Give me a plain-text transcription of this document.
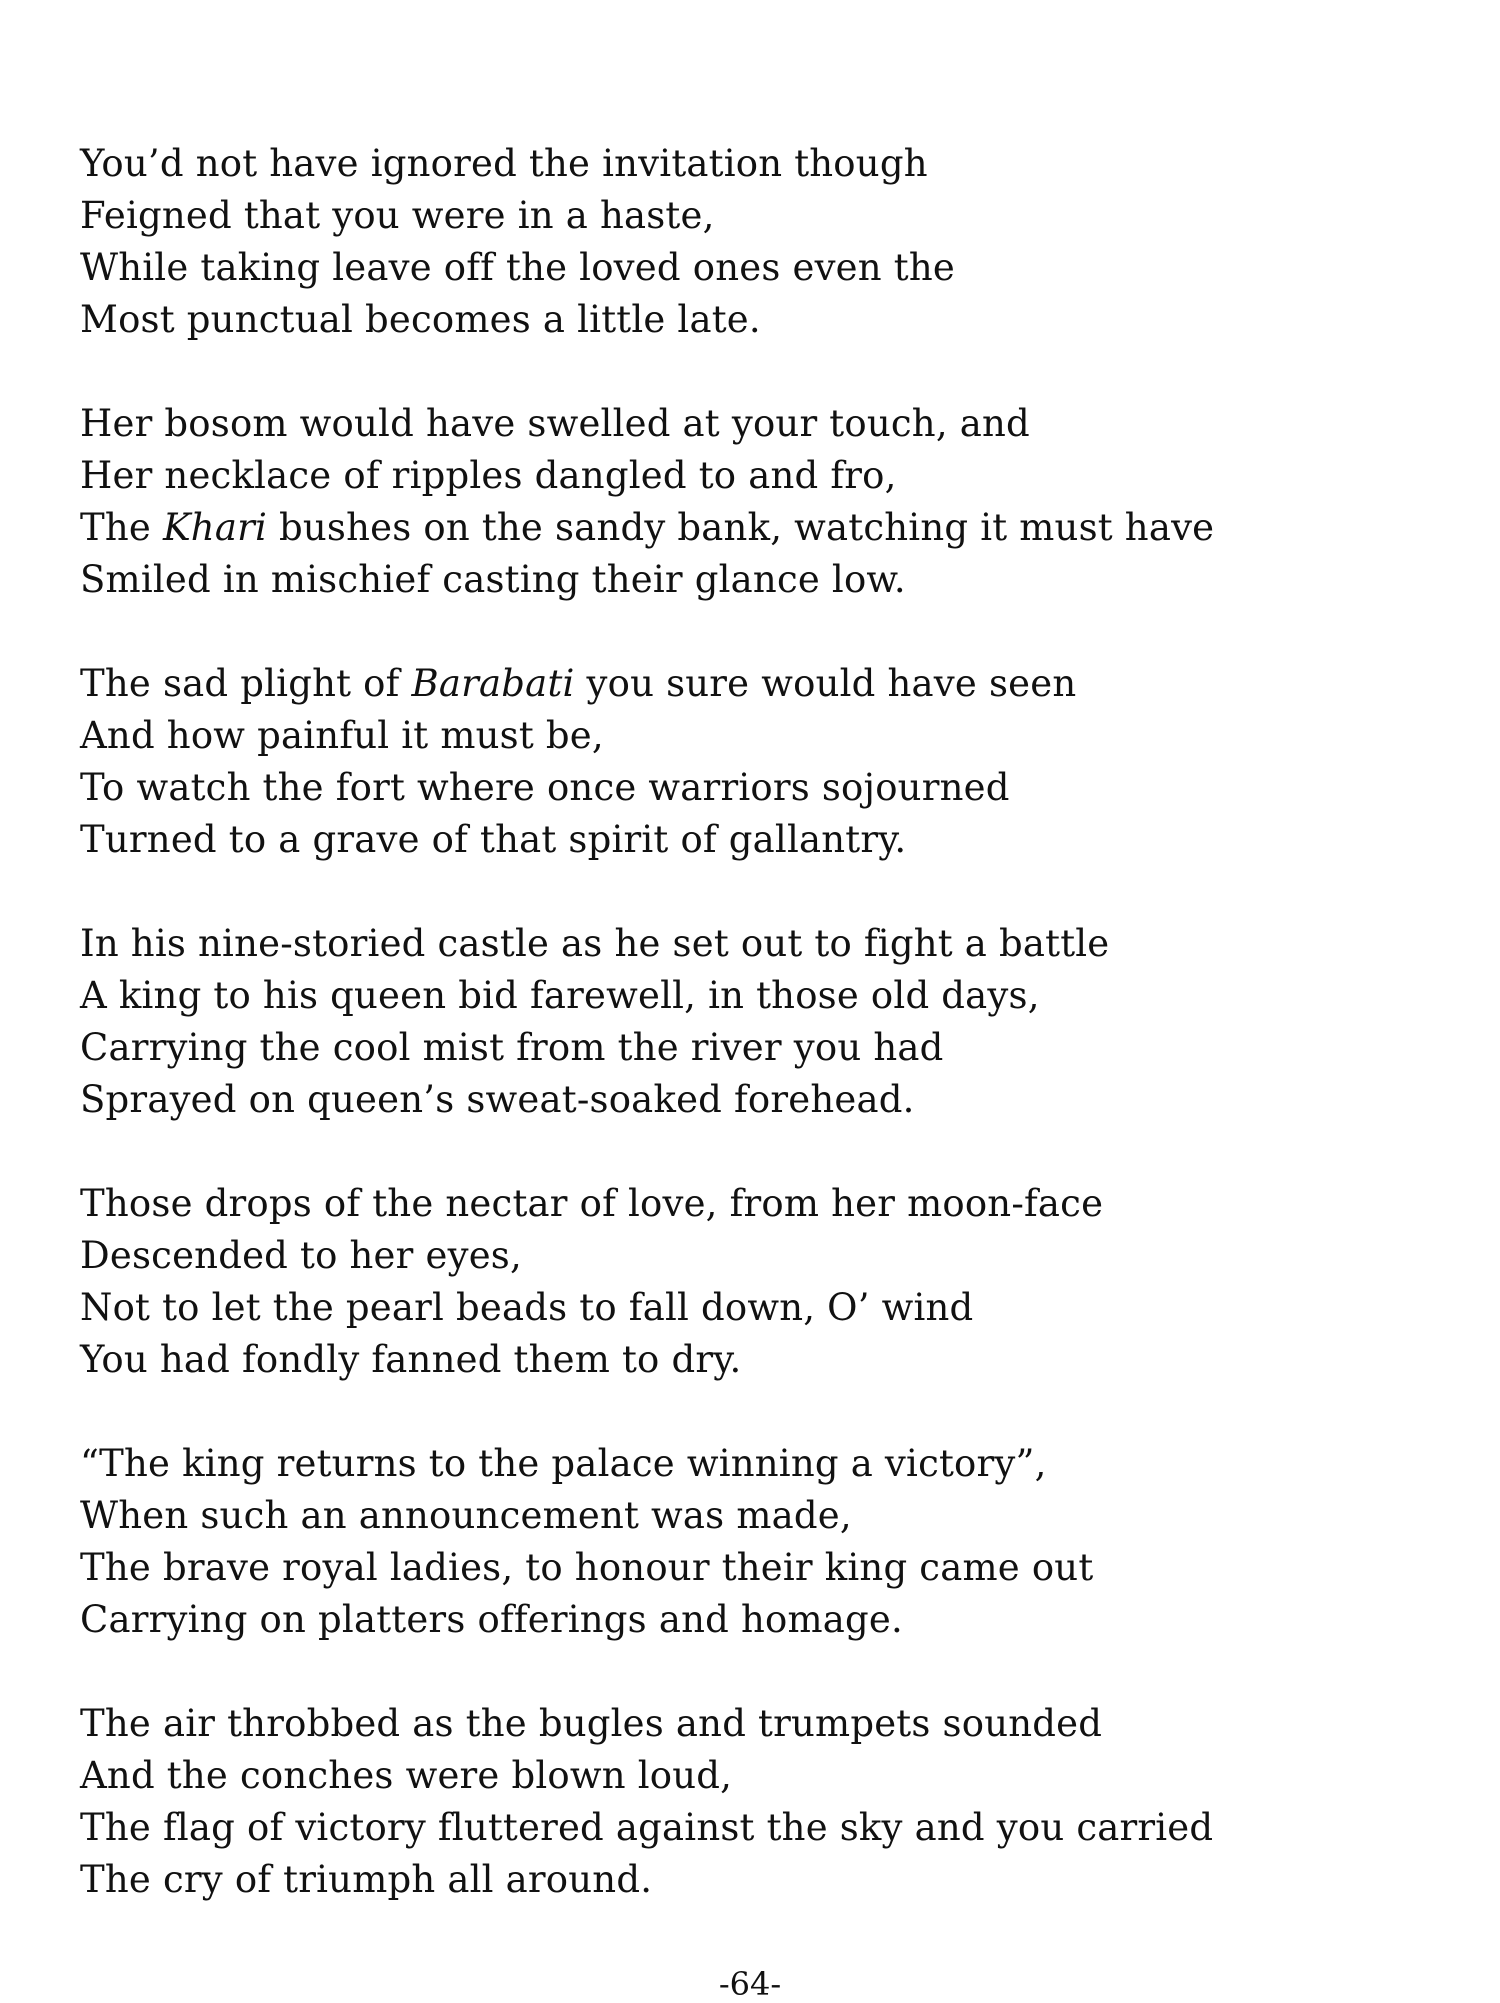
You’d not have ignored the invitation though
Feigned that you were in a haste,
While taking leave off the loved ones even the
Most punctual becomes a little late.
Her bosom would have swelled at your touch, and
Her necklace of ripples dangled to and fro,
The Khari bushes on the sandy bank, watching it must have
Smiled in mischief casting their glance low.
The sad plight of Barabati you sure would have seen
And how painful it must be,
To watch the fort where once warriors sojourned
Turned to a grave of that spirit of gallantry.
In his nine-storied castle as he set out to fight a battle
A king to his queen bid farewell, in those old days,
Carrying the cool mist from the river you had
Sprayed on queen’s sweat-soaked forehead.
Those drops of the nectar of love, from her moon-face
Descended to her eyes,
Not to let the pearl beads to fall down, O’ wind
You had fondly fanned them to dry.
“The king returns to the palace winning a victory”,
When such an announcement was made,
The brave royal ladies, to honour their king came out
Carrying on platters offerings and homage.
The air throbbed as the bugles and trumpets sounded
And the conches were blown loud,
The flag of victory fluttered against the sky and you carried
The cry of triumph all around.
-64-
